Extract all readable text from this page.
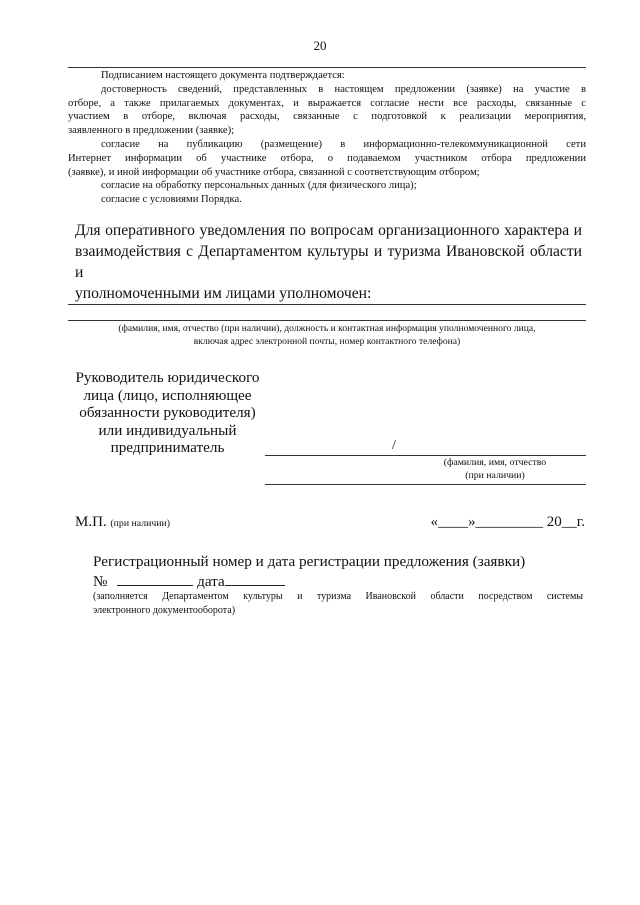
20
Подписанием настоящего документа подтверждается:
достоверность сведений, представленных в настоящем предложении (заявке) на участие в
отборе, а также прилагаемых документах, и выражается согласие нести все расходы, связанные с
участием в отборе, включая расходы, связанные с подготовкой к реализации мероприятия,
заявленного в предложении (заявке);
согласие на публикацию (размещение) в информационно-телекоммуникационной сети
Интернет информации об участнике отбора, о подаваемом участником отбора предложении
(заявке), и иной информации об участнике отбора, связанной с соответствующим отбором;
согласие на обработку персональных данных (для физического лица);
согласие с условиями Порядка.
Для оперативного уведомления по вопросам организационного характера и
взаимодействия с Департаментом культуры и туризма Ивановской области и
уполномоченными им лицами уполномочен:
(фамилия, имя, отчество (при наличии), должность и контактная информация уполномоченного лица,
включая адрес электронной почты, номер контактного телефона)
Руководитель юридического
лица (лицо, исполняющее
обязанности руководителя)
или индивидуальный
предприниматель	/
(фамилия, имя, отчество
(при наличии)
М.П. (при наличии)	«____»_________ 20__г.
Регистрационный номер и дата регистрации предложения (заявки)
№	дата
(заполняется Департаментом культуры и туризма Ивановской области посредством системы
электронного документооборота)
